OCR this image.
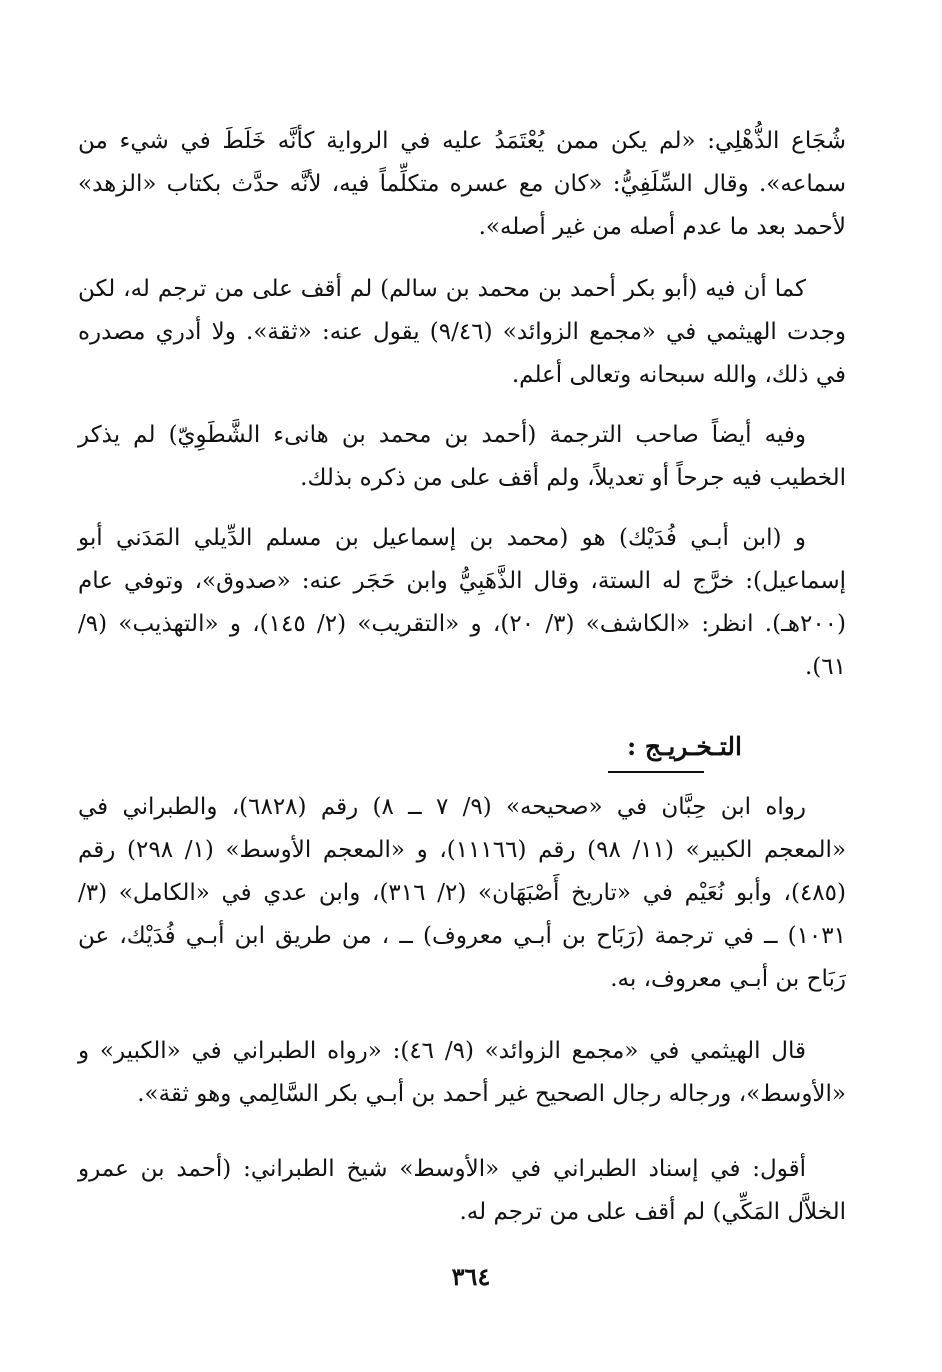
شُجَاع الذُّهْلِي: «لم يكن ممن يُعْتَمَدُ عليه في الرواية كأنَّه خَلَطَ في شيء من سماعه». وقال السِّلَفِيُّ: «كان مع عسره متكلِّماً فيه، لأنَّه حدَّث بكتاب «الزهد» لأحمد بعد ما عدم أصله من غير أصله».

كما أن فيه (أبو بكر أحمد بن محمد بن سالم) لم أقف على من ترجم له، لكن وجدت الهيثمي في «مجمع الزوائد» (٩/٤٦) يقول عنه: «ثقة». ولا أدري مصدره في ذلك، والله سبحانه وتعالى أعلم.

وفيه أيضاً صاحب الترجمة (أحمد بن محمد بن هانىء الشَّطَوِيّ) لم يذكر الخطيب فيه جرحاً أو تعديلاً، ولم أقف على من ذكره بذلك.

و (ابن أبـي فُدَيْك) هو (محمد بن إسماعيل بن مسلم الدِّيلي المَدَني أبو إسماعيل): خرَّج له الستة، وقال الذَّهَبِيُّ وابن حَجَر عنه: «صدوق»، وتوفي عام (٢٠٠هـ). انظر: «الكاشف» (٣/ ٢٠)، و «التقريب» (٢/ ١٤٥)، و «التهذيب» (٩/ ٦١).

التـخـريـج :

رواه ابن حِبَّان في «صحيحه» (٩/ ٧ ــ ٨) رقم (٦٨٢٨)، والطبراني في «المعجم الكبير» (١١/ ٩٨) رقم (١١١٦٦)، و «المعجم الأوسط» (١/ ٢٩٨) رقم (٤٨٥)، وأبو نُعَيْم في «تاريخ أَصْبَهَان» (٢/ ٣١٦)، وابن عدي في «الكامل» (٣/ ١٠٣١) ــ في ترجمة (رَبَاح بن أبـي معروف) ــ ، من طريق ابن أبـي فُدَيْك، عن رَبَاح بن أبـي معروف، به.

قال الهيثمي في «مجمع الزوائد» (٩/ ٤٦): «رواه الطبراني في «الكبير» و «الأوسط»، ورجاله رجال الصحيح غير أحمد بن أبـي بكر السَّالِمي وهو ثقة».

أقول: في إسناد الطبراني في «الأوسط» شيخ الطبراني: (أحمد بن عمرو الخلاَّل المَكِّي) لم أقف على من ترجم له.

٣٦٤
